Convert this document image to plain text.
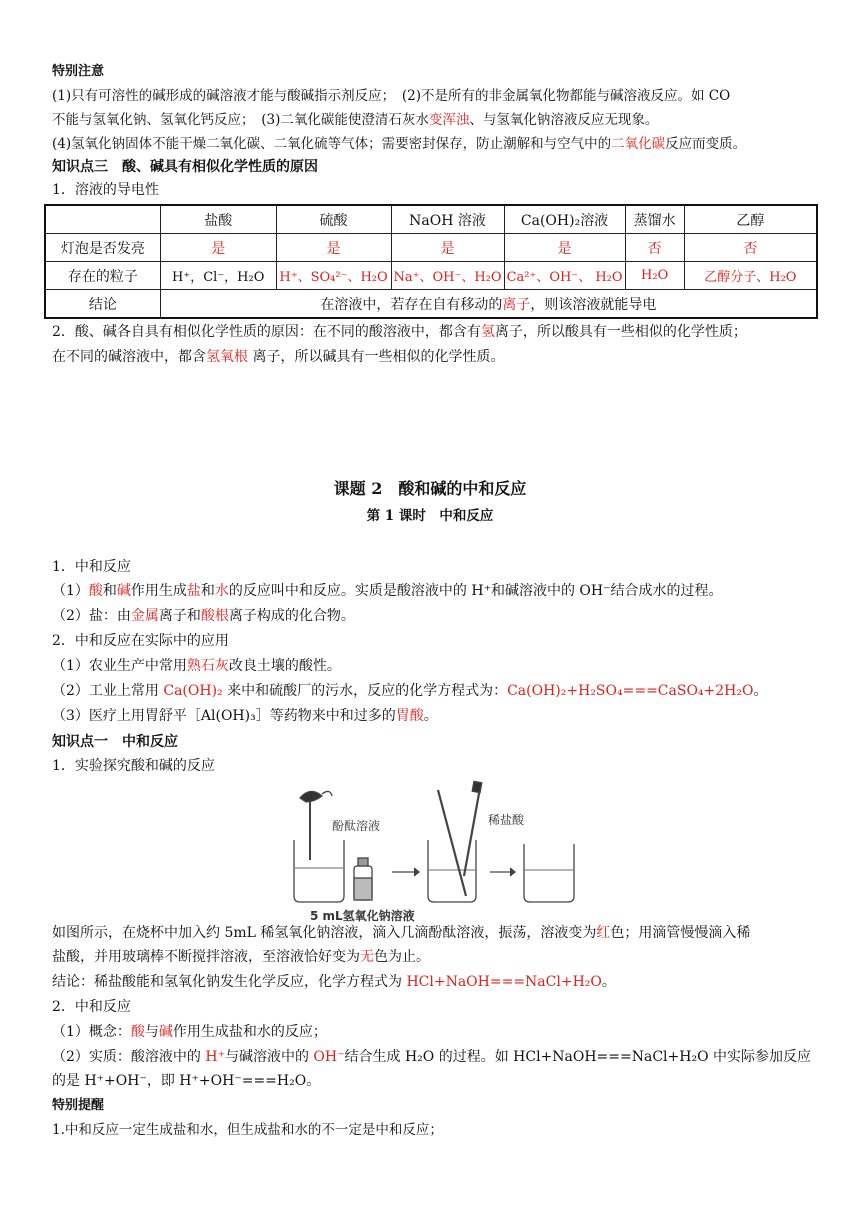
特别注意
(1)只有可溶性的碱形成的碱溶液才能与酸碱指示剂反应；　(2)不是所有的非金属氧化物都能与碱溶液反应。如 CO
不能与氢氧化钠、氢氧化钙反应；　(3)二氧化碳能使澄清石灰水变浑浊、与氢氧化钠溶液反应无现象。
(4)氢氧化钠固体不能干燥二氧化碳、二氧化硫等气体；需要密封保存，防止潮解和与空气中的二氧化碳反应而变质。
知识点三　酸、碱具有相似化学性质的原因
1．溶液的导电性
	盐酸	硫酸	NaOH 溶液	Ca(OH)₂溶液	蒸馏水	乙醇
灯泡是否发亮	是	是	是	是	否	否
存在的粒子	H⁺，Cl⁻，H₂O	H⁺、SO₄²⁻、H₂O	Na⁺、OH⁻、H₂O	Ca²⁺、OH⁻、 H₂O	H₂O	乙醇分子、H₂O
结论	在溶液中，若存在自有移动的离子，则该溶液就能导电					
2．酸、碱各自具有相似化学性质的原因：在不同的酸溶液中，都含有氢离子，所以酸具有一些相似的化学性质；
在不同的碱溶液中，都含氢氧根 离子，所以碱具有一些相似的化学性质。
课题 2　酸和碱的中和反应
第 1 课时　中和反应
1．中和反应
（1）酸和碱作用生成盐和水的反应叫中和反应。实质是酸溶液中的 H⁺和碱溶液中的 OH⁻结合成水的过程。
（2）盐：由金属离子和酸根离子构成的化合物。
2．中和反应在实际中的应用
（1）农业生产中常用熟石灰改良土壤的酸性。
（2）工业上常用 Ca(OH)₂ 来中和硫酸厂的污水，反应的化学方程式为：Ca(OH)₂+H₂SO₄===CaSO₄+2H₂O。
（3）医疗上用胃舒平［Al(OH)₃］等药物来中和过多的胃酸。
知识点一　中和反应
1．实验探究酸和碱的反应
酚酞溶液	稀盐酸
5 mL氢氧化钠溶液
如图所示，在烧杯中加入约 5mL 稀氢氧化钠溶液，滴入几滴酚酞溶液，振荡，溶液变为红色；用滴管慢慢滴入稀
盐酸，并用玻璃棒不断搅拌溶液，至溶液恰好变为无色为止。
结论：稀盐酸能和氢氧化钠发生化学反应，化学方程式为 HCl+NaOH===NaCl+H₂O。
2．中和反应
（1）概念：酸与碱作用生成盐和水的反应；
（2）实质：酸溶液中的 H⁺与碱溶液中的 OH⁻结合生成 H₂O 的过程。如 HCl+NaOH===NaCl+H₂O 中实际参加反应
的是 H⁺+OH⁻，即 H⁺+OH⁻===H₂O。
特别提醒
1.中和反应一定生成盐和水，但生成盐和水的不一定是中和反应；
